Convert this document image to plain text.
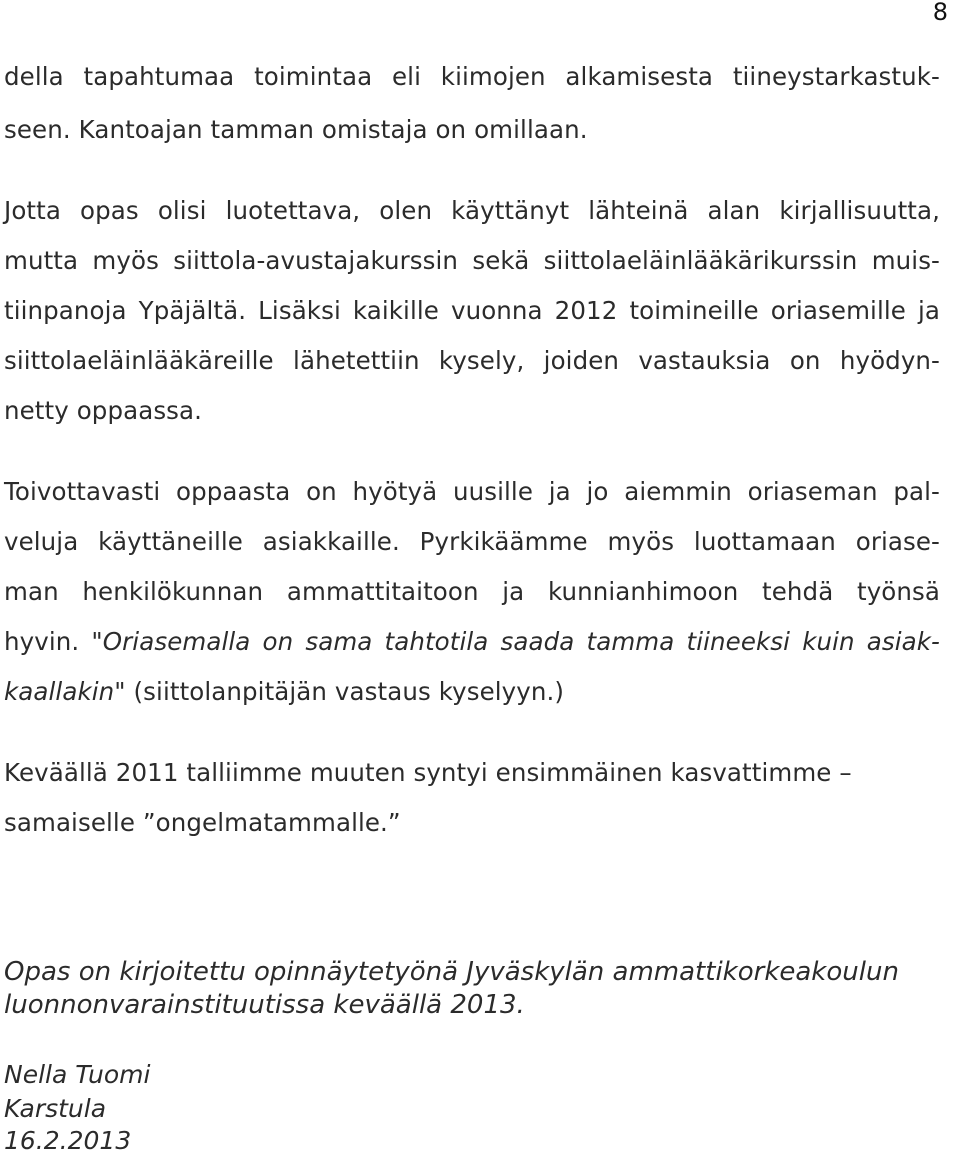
8
della tapahtumaa toimintaa eli kiimojen alkamisesta tiineystarkastuk-
seen. Kantoajan tamman omistaja on omillaan.
Jotta opas olisi luotettava, olen käyttänyt lähteinä alan kirjallisuutta,
mutta myös siittola-avustajakurssin sekä siittolaeläinlääkärikurssin muis-
tiinpanoja Ypäjältä. Lisäksi kaikille vuonna 2012 toimineille oriasemille ja
siittolaeläinlääkäreille lähetettiin kysely, joiden vastauksia on hyödyn-
netty oppaassa.
Toivottavasti oppaasta on hyötyä uusille ja jo aiemmin oriaseman pal-
veluja käyttäneille asiakkaille. Pyrkikäämme myös luottamaan oriase-
man henkilökunnan ammattitaitoon ja kunnianhimoon tehdä työnsä
hyvin. "Oriasemalla on sama tahtotila saada tamma tiineeksi kuin asiak-
kaallakin" (siittolanpitäjän vastaus kyselyyn.)
Keväällä 2011 talliimme muuten syntyi ensimmäinen kasvattimme –
samaiselle ”ongelmatammalle.”
Opas on kirjoitettu opinnäytetyönä Jyväskylän ammattikorkeakoulun
luonnonvarainstituutissa keväällä 2013.
Nella Tuomi
Karstula
16.2.2013
